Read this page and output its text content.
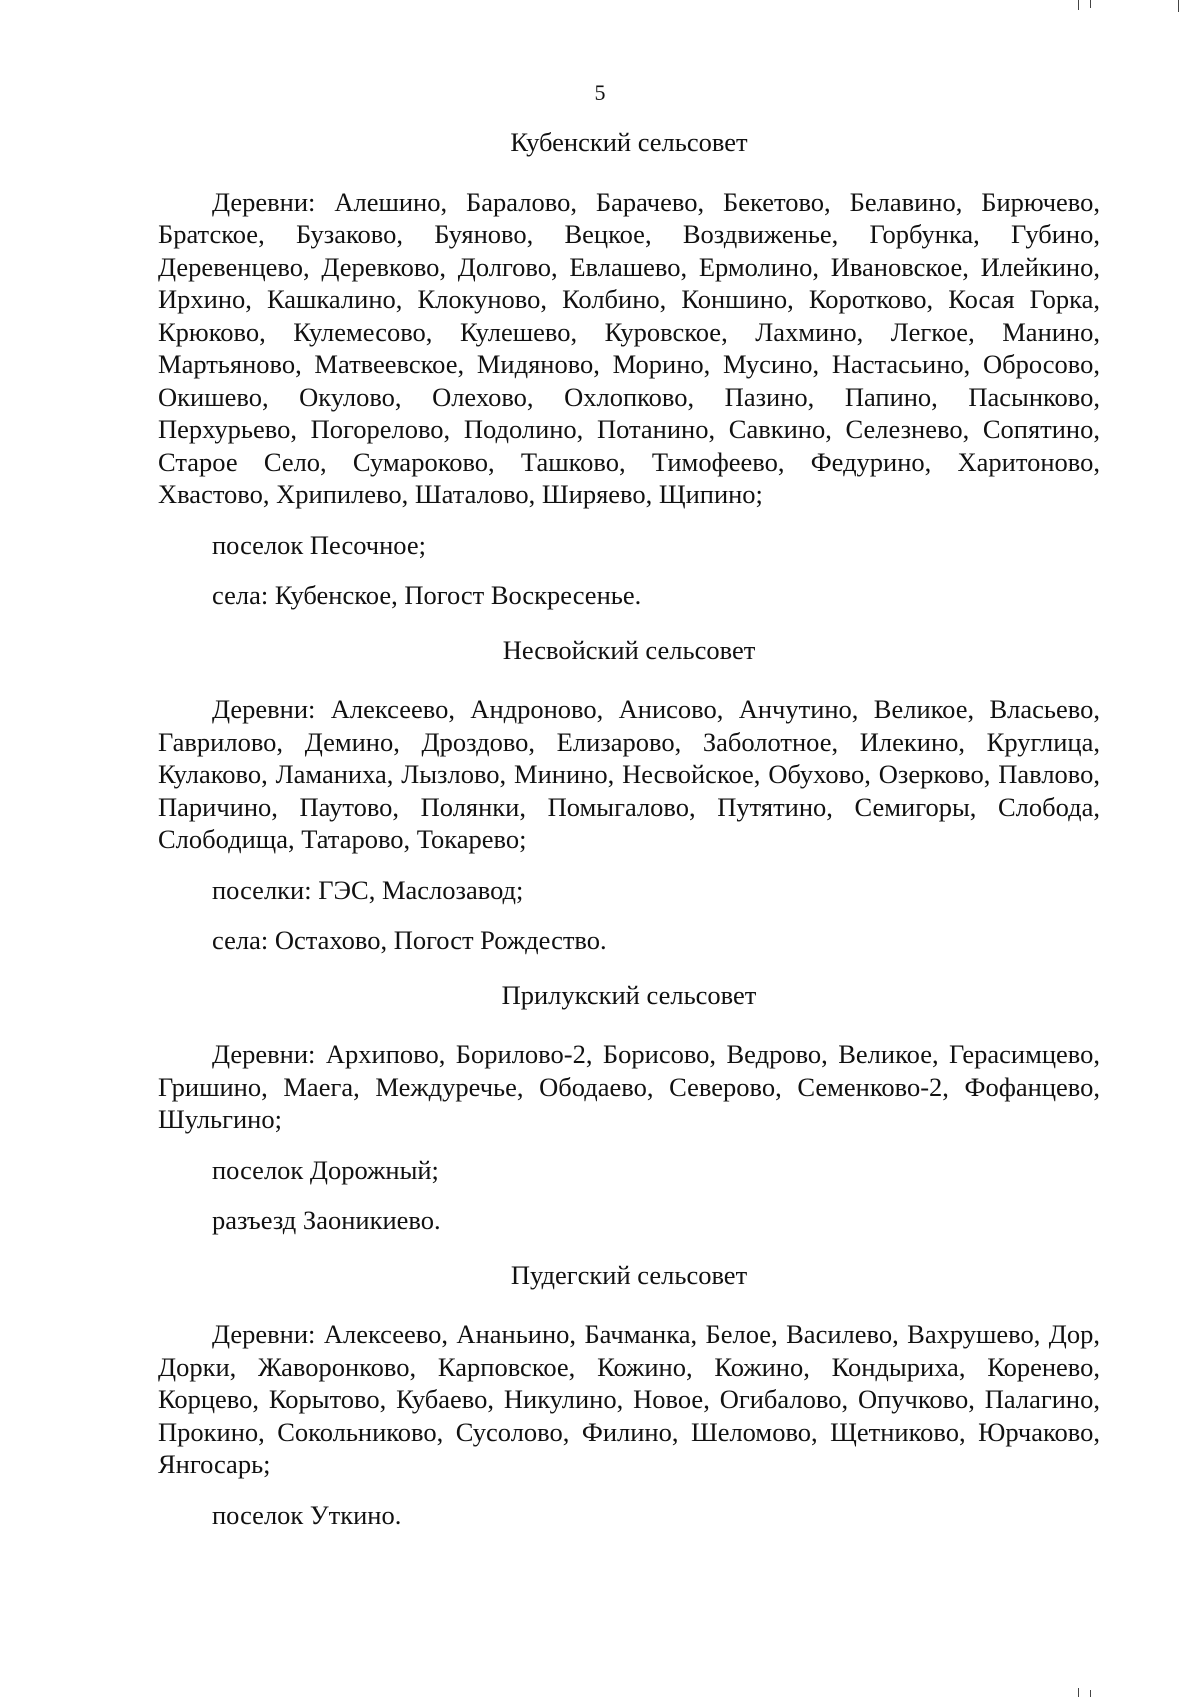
5
Кубенский сельсовет

Деревни: Алешино, Баралово, Барачево, Бекетово, Белавино, Бирючево, Братское, Бузаково, Буяново, Вецкое, Воздвиженье, Горбунка, Губино, Деревенцево, Деревково, Долгово, Евлашево, Ермолино, Ивановское, Илейкино, Ирхино, Кашкалино, Клокуново, Колбино, Коншино, Коротково, Косая Горка, Крюково, Кулемесово, Кулешево, Куровское, Лахмино, Легкое, Манино, Мартьяново, Матвеевское, Мидяново, Морино, Мусино, Настасьино, Обросово, Окишево, Окулово, Олехово, Охлопково, Пазино, Папино, Пасынково, Перхурьево, Погорелово, Подолино, Потанино, Савкино, Селезнево, Сопятино, Старое Село, Сумароково, Ташково, Тимофеево, Федурино, Харитоново, Хвастово, Хрипилево, Шаталово, Ширяево, Щипино;

поселок Песочное;

села: Кубенское, Погост Воскресенье.

Несвойский сельсовет

Деревни: Алексеево, Андроново, Анисово, Анчутино, Великое, Власьево, Гаврилово, Демино, Дроздово, Елизарово, Заболотное, Илекино, Круглица, Кулаково, Ламаниха, Лызлово, Минино, Несвойское, Обухово, Озерково, Павлово, Паричино, Паутово, Полянки, Помыгалово, Путятино, Семигоры, Слобода, Слободища, Татарово, Токарево;

поселки: ГЭС, Маслозавод;

села: Остахово, Погост Рождество.

Прилукский сельсовет

Деревни: Архипово, Борилово-2, Борисово, Ведрово, Великое, Герасимцево, Гришино, Маега, Междуречье, Ободаево, Северово, Семенково-2, Фофанцево, Шульгино;

поселок Дорожный;

разъезд Заоникиево.

Пудегский сельсовет

Деревни: Алексеево, Ананьино, Бачманка, Белое, Василево, Вахрушево, Дор, Дорки, Жаворонково, Карповское, Кожино, Кожино, Кондыриха, Коренево, Корцево, Корытово, Кубаево, Никулино, Новое, Огибалово, Опучково, Палагино, Прокино, Сокольниково, Сусолово, Филино, Шеломово, Щетниково, Юрчаково, Янгосарь;

поселок Уткино.
